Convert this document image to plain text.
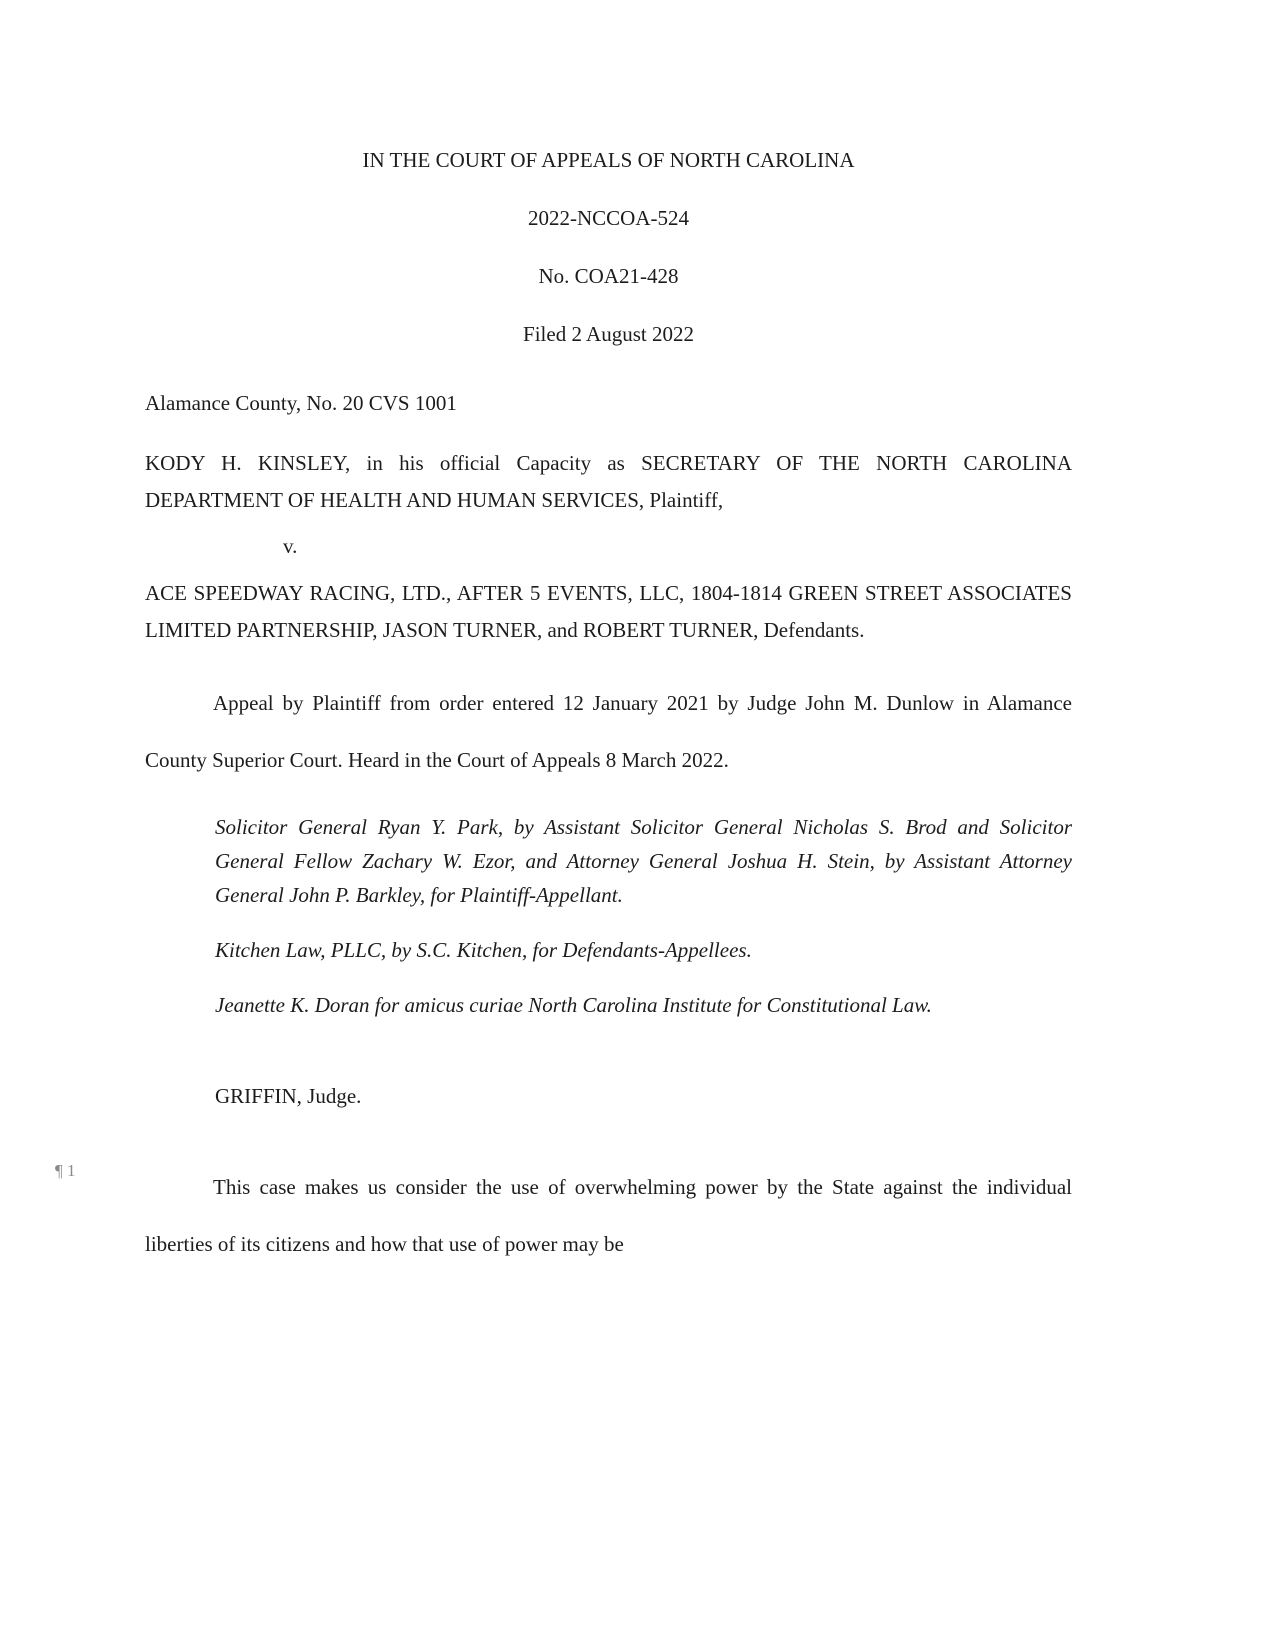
IN THE COURT OF APPEALS OF NORTH CAROLINA
2022-NCCOA-524
No. COA21-428
Filed 2 August 2022
Alamance County, No. 20 CVS 1001
KODY H. KINSLEY, in his official Capacity as SECRETARY OF THE NORTH CAROLINA DEPARTMENT OF HEALTH AND HUMAN SERVICES, Plaintiff,
v.
ACE SPEEDWAY RACING, LTD., AFTER 5 EVENTS, LLC, 1804-1814 GREEN STREET ASSOCIATES LIMITED PARTNERSHIP, JASON TURNER, and ROBERT TURNER, Defendants.
Appeal by Plaintiff from order entered 12 January 2021 by Judge John M. Dunlow in Alamance County Superior Court. Heard in the Court of Appeals 8 March 2022.
Solicitor General Ryan Y. Park, by Assistant Solicitor General Nicholas S. Brod and Solicitor General Fellow Zachary W. Ezor, and Attorney General Joshua H. Stein, by Assistant Attorney General John P. Barkley, for Plaintiff-Appellant.
Kitchen Law, PLLC, by S.C. Kitchen, for Defendants-Appellees.
Jeanette K. Doran for amicus curiae North Carolina Institute for Constitutional Law.
GRIFFIN, Judge.
¶ 1
This case makes us consider the use of overwhelming power by the State against the individual liberties of its citizens and how that use of power may be
